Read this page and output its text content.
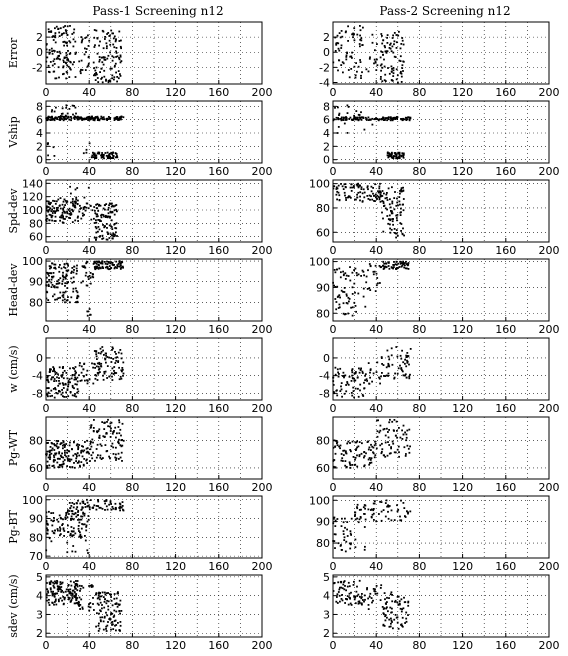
Pass-1 Screening n12	Pass-2 Screening n12
0	40	80 120 160 200
-2
0
2
Error
0	40	80 120 160 200
-4
-2
0
2
0	40	80 120 160 200
0
2
4
6
8
Vship
0	40	80 120 160 200
0
2
4
6
8
0	40	80 120 160 200
60
80
100
120
140
Spd-dev
0	40	80 120 160 200
60
80
100
0	40	80 120 160 200
80
90
100
Head-dev
0	40	80 120 160 200
80
90
100
0	40	80 120 160 200
-8
-4
0
w (cm/s)
0	40	80 120 160 200
-8
-4
0
0	40	80 120 160 200
60
80
Pg-WT
0	40	80 120 160 200
60
80
0	40	80 120 160 200
70
80
90
100
Pg-BT
0	40	80 120 160 200
80
90
100
0	40	80 120 160 200
2
3
4
5
sdev (cm/s)
0	40	80 120 160 200
2
3
4
5
